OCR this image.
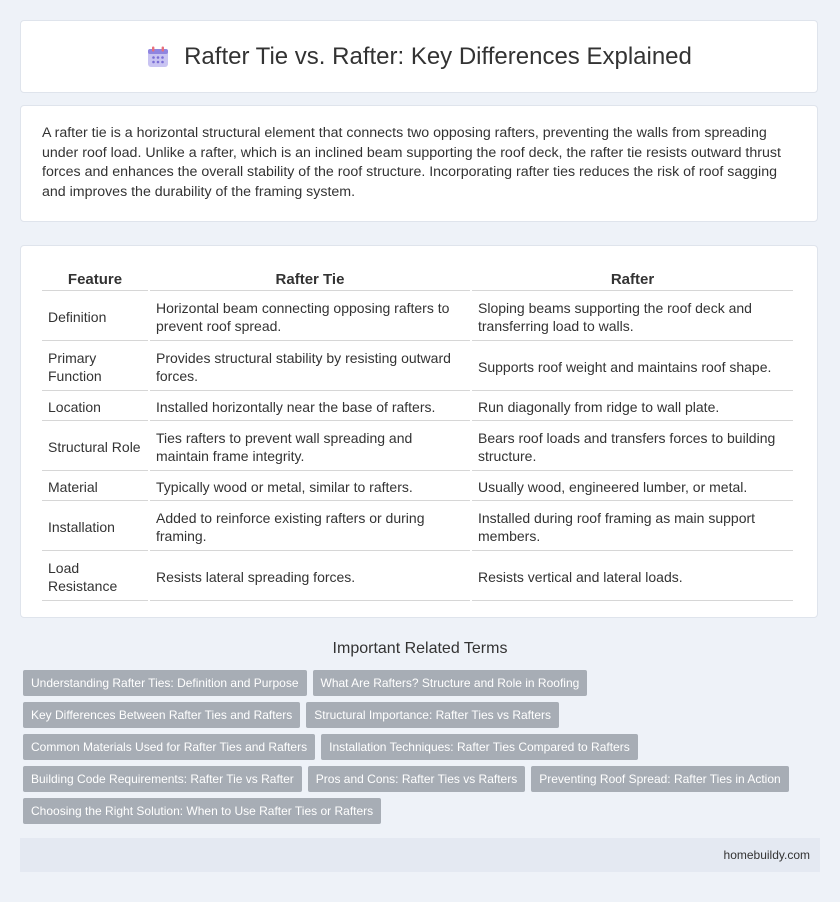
Rafter Tie vs. Rafter: Key Differences Explained

A rafter tie is a horizontal structural element that connects two opposing rafters, preventing the walls from spreading under roof load. Unlike a rafter, which is an inclined beam supporting the roof deck, the rafter tie resists outward thrust forces and enhances the overall stability of the roof structure. Incorporating rafter ties reduces the risk of roof sagging and improves the durability of the framing system.

Feature	Rafter Tie	Rafter
Definition	Horizontal beam connecting opposing rafters to prevent roof spread.	Sloping beams supporting the roof deck and transferring load to walls.
Primary Function	Provides structural stability by resisting outward forces.	Supports roof weight and maintains roof shape.
Location	Installed horizontally near the base of rafters.	Run diagonally from ridge to wall plate.
Structural Role	Ties rafters to prevent wall spreading and maintain frame integrity.	Bears roof loads and transfers forces to building structure.
Material	Typically wood or metal, similar to rafters.	Usually wood, engineered lumber, or metal.
Installation	Added to reinforce existing rafters or during framing.	Installed during roof framing as main support members.
Load Resistance	Resists lateral spreading forces.	Resists vertical and lateral loads.
Important Related Terms
Understanding Rafter Ties: Definition and Purpose What Are Rafters? Structure and Role in Roofing
Key Differences Between Rafter Ties and Rafters Structural Importance: Rafter Ties vs Rafters
Common Materials Used for Rafter Ties and Rafters Installation Techniques: Rafter Ties Compared to Rafters
Building Code Requirements: Rafter Tie vs Rafter Pros and Cons: Rafter Ties vs Rafters Preventing Roof Spread: Rafter Ties in Action
Choosing the Right Solution: When to Use Rafter Ties or Rafters
homebuildy.com
